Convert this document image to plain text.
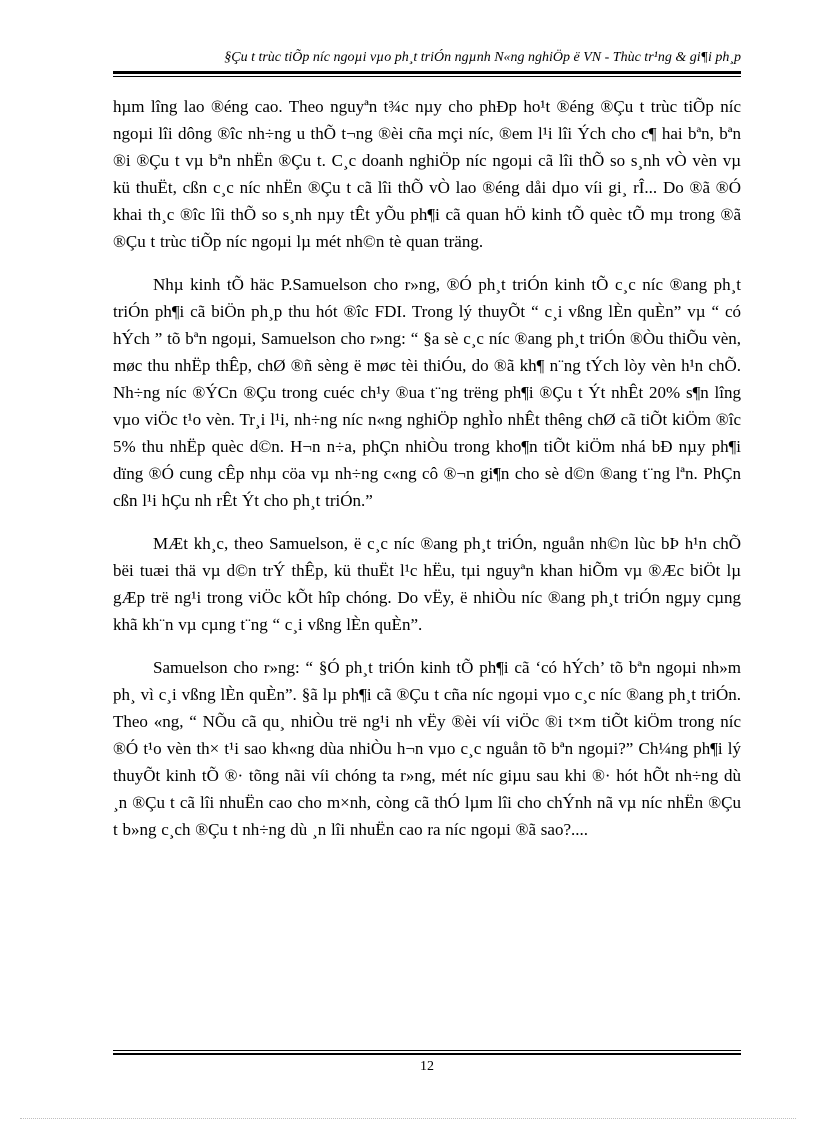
§Çu t trùc tiÕp níc ngoµi vµo ph¸t triÓn ngµnh N«ng nghiÖp ë VN - Thùc tr¹ng & gi¶i ph¸p

hµm lîng lao ®éng cao. Theo nguyªn t¾c nµy cho phÐp ho¹t ®éng ®Çu t trùc tiÕp níc ngoµi lîi dông ®îc nh÷ng u thÕ t¬ng ®èi cña mçi níc, ®em l¹i lîi Ých cho c¶ hai bªn, bªn ®i ®Çu t vµ bªn nhËn ®Çu t. C¸c doanh nghiÖp níc ngoµi cã lîi thÕ so s¸nh vÒ vèn vµ kü thuËt, cßn c¸c níc nhËn ®Çu t cã lîi thÕ vÒ lao ®éng dåi dµo víi gi¸ rÎ... Do ®ã ®Ó khai th¸c ®îc lîi thÕ so s¸nh nµy tÊt yÕu ph¶i cã quan hÖ kinh tÕ quèc tÕ mµ trong ®ã ®Çu t trùc tiÕp níc ngoµi lµ mét nh©n tè quan träng.

Nhµ kinh tÕ häc P.Samuelson cho r»ng, ®Ó ph¸t triÓn kinh tÕ c¸c níc ®ang ph¸t triÓn ph¶i cã biÖn ph¸p thu hót ®îc FDI. Trong lý thuyÕt “ c¸i vßng lÈn quÈn” vµ “ có hÝch ” tõ bªn ngoµi, Samuelson cho r»ng: “ §a sè c¸c níc ®ang ph¸t triÓn ®Òu thiÕu vèn, møc thu nhËp thÊp, chØ ®ñ sèng ë møc tèi thiÓu, do ®ã kh¶ n¨ng tÝch lòy vèn h¹n chÕ. Nh÷ng níc ®ÝCn ®Çu trong cuéc ch¹y ®ua t¨ng trëng ph¶i ®Çu t Ýt nhÊt 20% s¶n lîng vµo viÖc t¹o vèn. Tr¸i l¹i, nh÷ng níc n«ng nghiÖp nghÌo nhÊt thêng chØ cã tiÕt kiÖm ®îc 5% thu nhËp quèc d©n. H¬n n÷a, phÇn nhiÒu trong kho¶n tiÕt kiÖm nhá bÐ nµy ph¶i dïng ®Ó cung cÊp nhµ cöa vµ nh÷ng c«ng cô ®¬n gi¶n cho sè d©n ®ang t¨ng lªn. PhÇn cßn l¹i hÇu nh rÊt Ýt cho ph¸t triÓn.”

MÆt kh¸c, theo Samuelson, ë c¸c níc ®ang ph¸t triÓn, nguån nh©n lùc bÞ h¹n chÕ bëi tuæi thä vµ d©n trÝ thÊp, kü thuËt l¹c hËu, tµi nguyªn khan hiÕm vµ ®Æc biÖt lµ gÆp trë ng¹i trong viÖc kÕt hîp chóng. Do vËy, ë nhiÒu níc ®ang ph¸t triÓn ngµy cµng khã kh¨n vµ cµng t¨ng “ c¸i vßng lÈn quÈn”.

Samuelson cho r»ng: “ §Ó ph¸t triÓn kinh tÕ ph¶i cã ‘có hÝch’ tõ bªn ngoµi nh»m ph¸ vì c¸i vßng lÈn quÈn”. §ã lµ ph¶i cã ®Çu t cña níc ngoµi vµo c¸c níc ®ang ph¸t triÓn. Theo «ng, “ NÕu cã qu¸ nhiÒu trë ng¹i nh vËy ®èi víi viÖc ®i t×m tiÕt kiÖm trong níc ®Ó t¹o vèn th× t¹i sao kh«ng dùa nhiÒu h¬n vµo c¸c nguån tõ bªn ngoµi?” Ch¼ng ph¶i lý thuyÕt kinh tÕ ®· tõng nãi víi chóng ta r»ng, mét níc giµu sau khi ®· hót hÕt nh÷ng dù ¸n ®Çu t cã lîi nhuËn cao cho m×nh, còng cã thÓ lµm lîi cho chÝnh nã vµ níc nhËn ®Çu t b»ng c¸ch ®Çu t nh÷ng dù ¸n lîi nhuËn cao ra níc ngoµi ®ã sao?....

12
